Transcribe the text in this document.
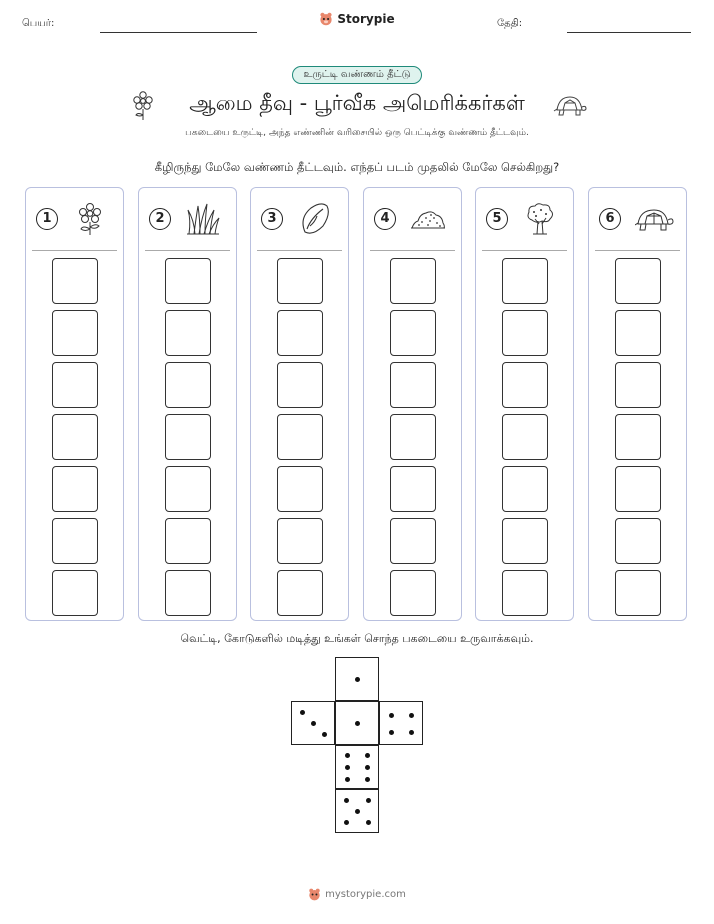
பெயர்:	Storypie	தேதி:
உருட்டி வண்ணம் தீட்டு
ஆமை தீவு - பூர்வீக அமெரிக்கர்கள்
பகடையை உருட்டி, அந்த எண்ணின் வரிசையில் ஒரு பெட்டிக்கு வண்ணம் தீட்டவும்.
கீழிருந்து மேலே வண்ணம் தீட்டவும். எந்தப் படம் முதலில் மேலே செல்கிறது?
1	2	3	4	5	6
வெட்டி, கோடுகளில் மடித்து உங்கள் சொந்த பகடையை உருவாக்கவும்.
mystorypie.com
